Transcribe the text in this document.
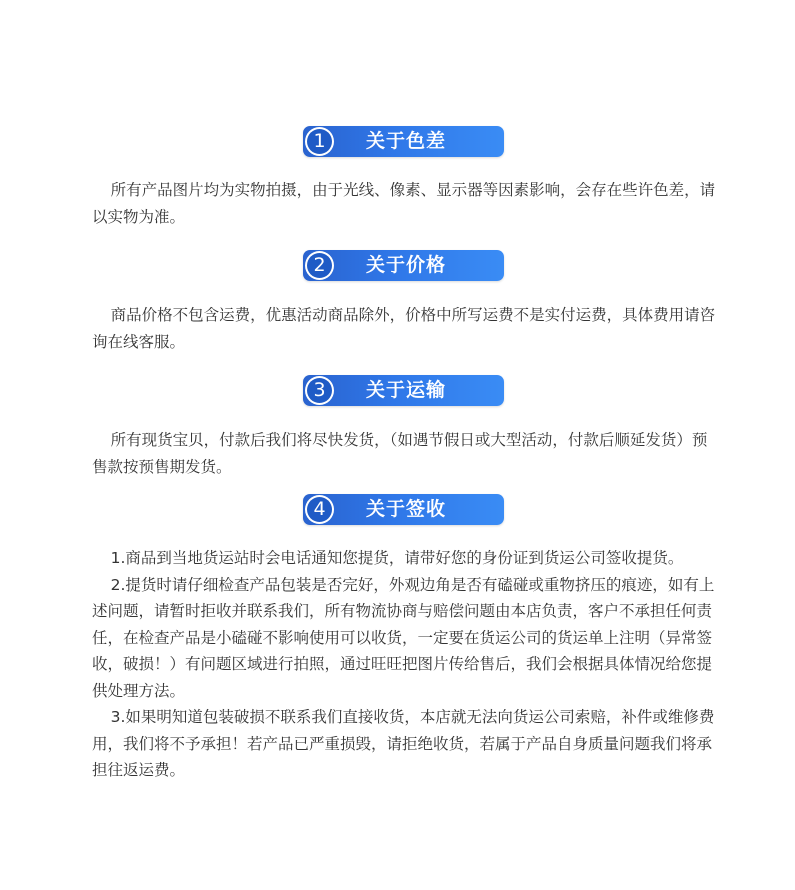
1	关于色差

所有产品图片均为实物拍摄，由于光线、像素、显示器等因素影响，会存在些许色差，请以实物为准。

2	关于价格

商品价格不包含运费，优惠活动商品除外，价格中所写运费不是实付运费，具体费用请咨询在线客服。

3	关于运输

所有现货宝贝，付款后我们将尽快发货，（如遇节假日或大型活动，付款后顺延发货）预售款按预售期发货。

4	关于签收

1.商品到当地货运站时会电话通知您提货，请带好您的身份证到货运公司签收提货。

2.提货时请仔细检查产品包装是否完好，外观边角是否有磕碰或重物挤压的痕迹，如有上述问题，请暂时拒收并联系我们，所有物流协商与赔偿问题由本店负责，客户不承担任何责任，在检查产品是小磕碰不影响使用可以收货，一定要在货运公司的货运单上注明（异常签收，破损！）有问题区域进行拍照，通过旺旺把图片传给售后，我们会根据具体情况给您提供处理方法。

3.如果明知道包装破损不联系我们直接收货，本店就无法向货运公司索赔，补件或维修费用，我们将不予承担！若产品已严重损毁，请拒绝收货，若属于产品自身质量问题我们将承担往返运费。
